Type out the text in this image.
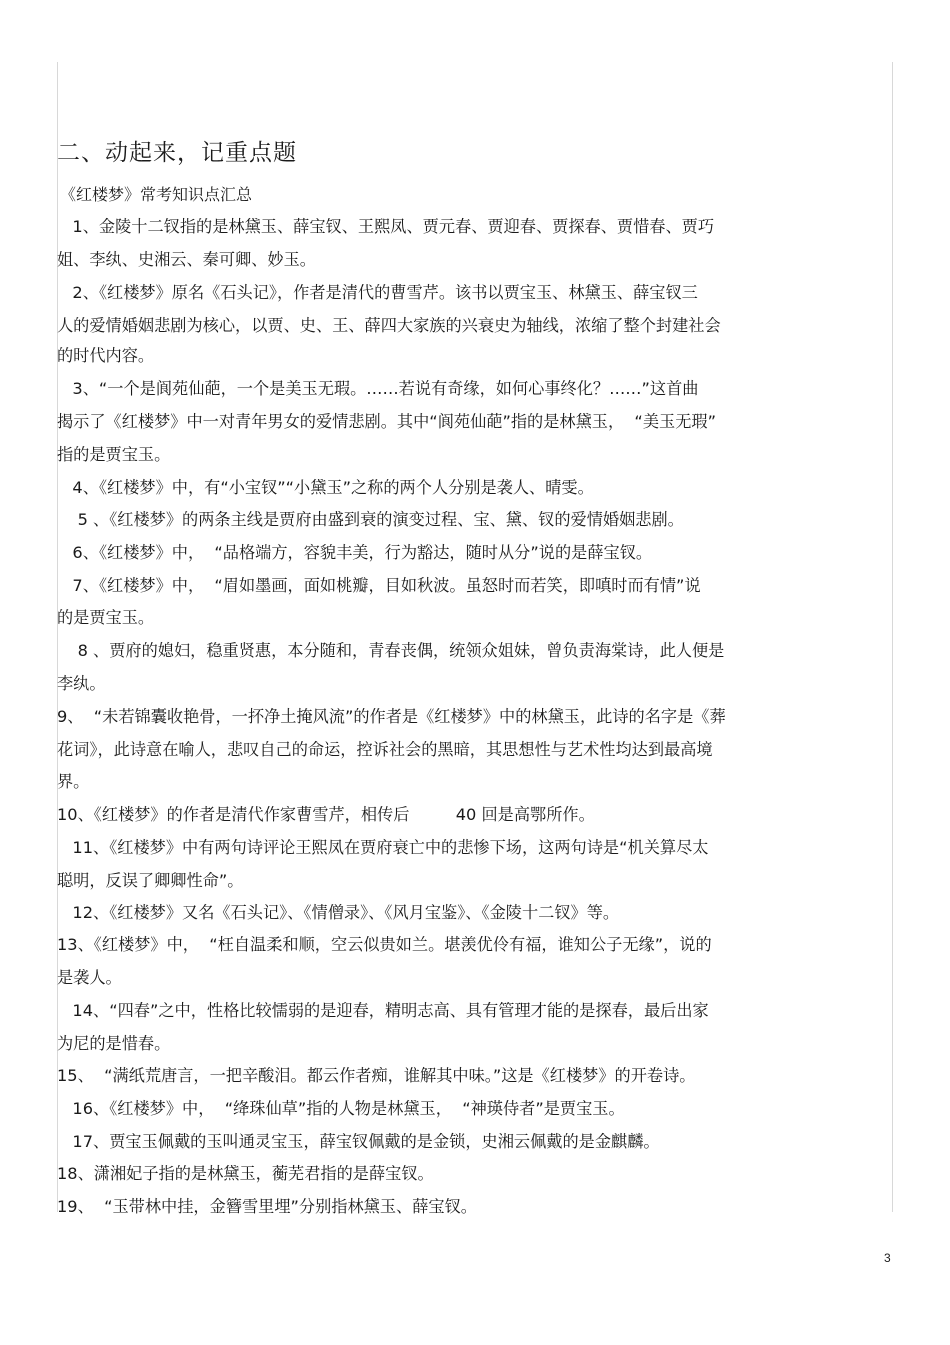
二、动起来，记重点题
《红楼梦》常考知识点汇总
1、金陵十二钗指的是林黛玉、薛宝钗、王熙凤、贾元春、贾迎春、贾探春、贾惜春、贾巧
姐、李纨、史湘云、秦可卿、妙玉。
2、《红楼梦》原名《石头记》，作者是清代的曹雪芹。该书以贾宝玉、林黛玉、薛宝钗三
人的爱情婚姻悲剧为核心，以贾、史、王、薛四大家族的兴衰史为轴线，浓缩了整个封建社会
的时代内容。
3、“一个是阆苑仙葩，一个是美玉无瑕。……若说有奇缘，如何心事终化？……”这首曲
揭示了《红楼梦》中一对青年男女的爱情悲剧。其中“阆苑仙葩”指的是林黛玉，  “美玉无瑕”
指的是贾宝玉。
4、《红楼梦》中，有“小宝钗”“小黛玉”之称的两个人分别是袭人、晴雯。
5 、《红楼梦》的两条主线是贾府由盛到衰的演变过程、宝、黛、钗的爱情婚姻悲剧。
6、《红楼梦》中，  “品格端方，容貌丰美，行为豁达，随时从分”说的是薛宝钗。
7、《红楼梦》中，  “眉如墨画，面如桃瓣，目如秋波。虽怒时而若笑，即嗔时而有情”说
的是贾宝玉。
8 、贾府的媳妇，稳重贤惠，本分随和，青春丧偶，统领众姐妹，曾负责海棠诗，此人便是
李纨。
9、  “未若锦囊收艳骨，一抔净土掩风流”的作者是《红楼梦》中的林黛玉，此诗的名字是《葬
花词》，此诗意在喻人，悲叹自己的命运，控诉社会的黑暗，其思想性与艺术性均达到最高境
界。
10、《红楼梦》的作者是清代作家曹雪芹，相传后         40 回是高鄂所作。
11、《红楼梦》中有两句诗评论王熙凤在贾府衰亡中的悲惨下场，这两句诗是“机关算尽太
聪明，反误了卿卿性命”。
12、《红楼梦》又名《石头记》、《情僧录》、《风月宝鉴》、《金陵十二钗》等。
13、《红楼梦》中，  “枉自温柔和顺，空云似贵如兰。堪羡优伶有福，谁知公子无缘”，说的
是袭人。
14、“四春”之中，性格比较懦弱的是迎春，精明志高、具有管理才能的是探春，最后出家
为尼的是惜春。
15、  “满纸荒唐言，一把辛酸泪。都云作者痴，谁解其中味。”这是《红楼梦》的开卷诗。
16、《红楼梦》中，  “绛珠仙草”指的人物是林黛玉，  “神瑛侍者”是贾宝玉。
17、贾宝玉佩戴的玉叫通灵宝玉，薛宝钗佩戴的是金锁，史湘云佩戴的是金麒麟。
18、潇湘妃子指的是林黛玉，蘅芜君指的是薛宝钗。
19、  “玉带林中挂，金簪雪里埋”分别指林黛玉、薛宝钗。
3
